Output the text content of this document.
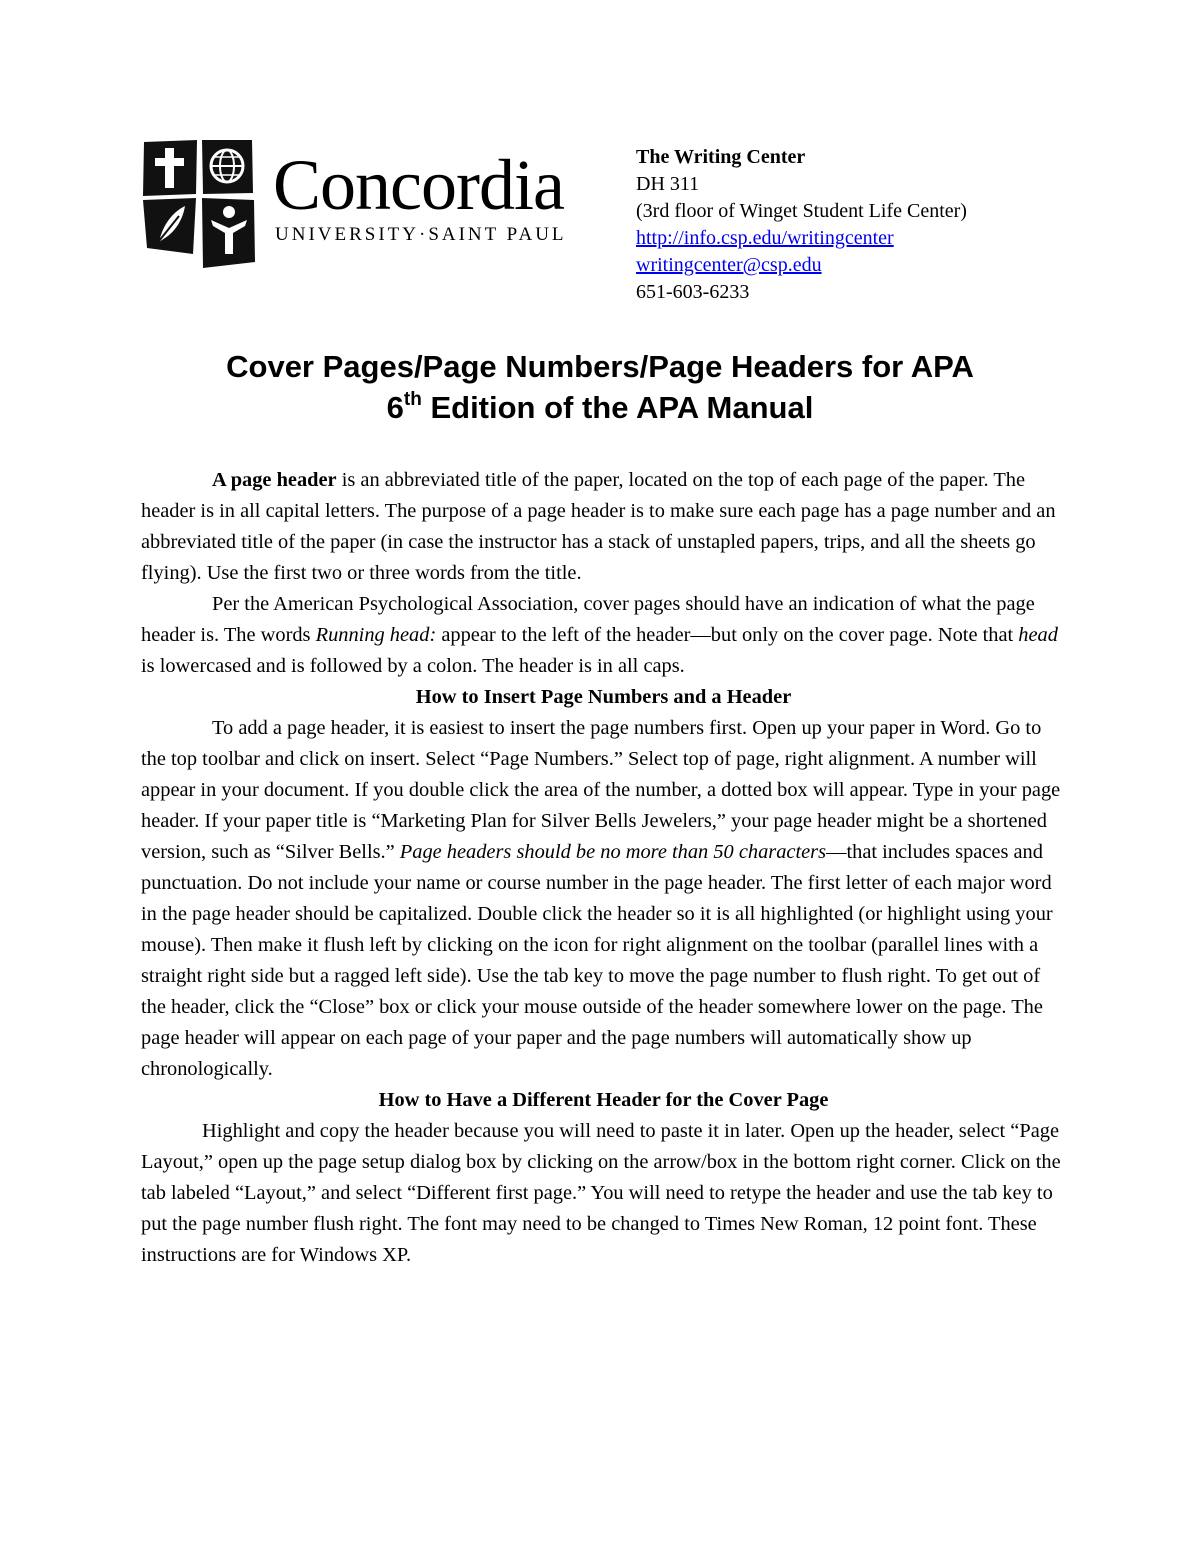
Concordia
UNIVERSITY·SAINT PAUL
The Writing Center
DH 311
(3rd floor of Winget Student Life Center)
http://info.csp.edu/writingcenter
writingcenter@csp.edu
651-603-6233
Cover Pages/Page Numbers/Page Headers for APA
6th Edition of the APA Manual

A page header is an abbreviated title of the paper, located on the top of each page of the paper. The header is in all capital letters. The purpose of a page header is to make sure each page has a page number and an abbreviated title of the paper (in case the instructor has a stack of unstapled papers, trips, and all the sheets go flying). Use the first two or three words from the title.

Per the American Psychological Association, cover pages should have an indication of what the page header is. The words Running head: appear to the left of the header—but only on the cover page. Note that head is lowercased and is followed by a colon. The header is in all caps.

How to Insert Page Numbers and a Header

To add a page header, it is easiest to insert the page numbers first. Open up your paper in Word. Go to the top toolbar and click on insert. Select “Page Numbers.” Select top of page, right alignment. A number will appear in your document. If you double click the area of the number, a dotted box will appear. Type in your page header. If your paper title is “Marketing Plan for Silver Bells Jewelers,” your page header might be a shortened version, such as “Silver Bells.” Page headers should be no more than 50 characters—that includes spaces and punctuation. Do not include your name or course number in the page header. The first letter of each major word in the page header should be capitalized. Double click the header so it is all highlighted (or highlight using your mouse). Then make it flush left by clicking on the icon for right alignment on the toolbar (parallel lines with a straight right side but a ragged left side). Use the tab key to move the page number to flush right. To get out of the header, click the “Close” box or click your mouse outside of the header somewhere lower on the page. The page header will appear on each page of your paper and the page numbers will automatically show up chronologically.

How to Have a Different Header for the Cover Page

Highlight and copy the header because you will need to paste it in later. Open up the header, select “Page Layout,” open up the page setup dialog box by clicking on the arrow/box in the bottom right corner. Click on the tab labeled “Layout,” and select “Different first page.” You will need to retype the header and use the tab key to put the page number flush right. The font may need to be changed to Times New Roman, 12 point font. These instructions are for Windows XP.
